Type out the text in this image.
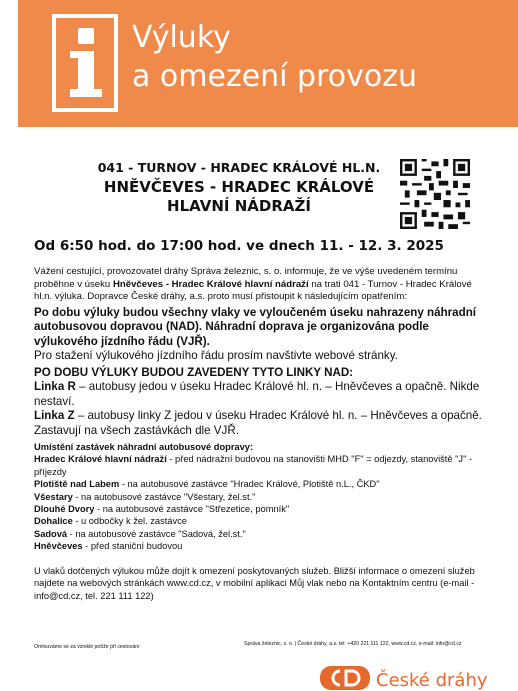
Výluky
a omezení provozu
041 - TURNOV - HRADEC KRÁLOVÉ HL.N.
HNĚVČEVES - HRADEC KRÁLOVÉ
HLAVNÍ NÁDRAŽÍ
Od 6:50 hod. do 17:00 hod. ve dnech 11. - 12. 3. 2025
Vážení cestující, provozovatel dráhy Správa železnic, s. o. informuje, že ve výše uvedeném termínu proběhne v úseku Hněvčeves - Hradec Králové hlavní nádraží na trati 041 - Turnov - Hradec Králové hl.n. výluka. Dopravce České dráhy, a.s. proto musí přistoupit k následujícím opatřením:
Po dobu výluky budou všechny vlaky ve vyloučeném úseku nahrazeny náhradní autobusovou dopravou (NAD). Náhradní doprava je organizována podle výlukového jízdního řádu (VJŘ).
Pro stažení výlukového jízdního řádu prosím navštivte webové stránky.
PO DOBU VÝLUKY BUDOU ZAVEDENY TYTO LINKY NAD:
Linka R – autobusy jedou v úseku Hradec Králové hl. n. – Hněvčeves a opačně. Nikde nestaví.
Linka Z – autobusy linky Z jedou v úseku Hradec Králové hl. n. – Hněvčeves a opačně. Zastavují na všech zastávkách dle VJŘ.
Umístění zastávek náhradní autobusové dopravy:
Hradec Králové hlavní nádraží - před nádražní budovou na stanovišti MHD "F" = odjezdy, stanoviště "J" - příjezdy
Plotiště nad Labem - na autobusové zastávce "Hradec Králové, Plotiště n.L., ČKD"
Všestary - na autobusové zastávce "Všestary, žel.st."
Dlouhé Dvory - na autobusové zastávce "Střezetice, pomník"
Dohalice - u odbočky k žel. zastávce
Sadová - na autobusové zastávce "Sadová, žel.st."
Hněvčeves - před staniční budovou
U vlaků dotčených výlukou může dojít k omezení poskytovaných služeb. Bližší informace o omezení služeb najdete na webových stránkách www.cd.cz, v mobilní aplikaci Můj vlak nebo na Kontaktním centru (e-mail - info@cd.cz, tel. 221 111 122)
Omlouváme se za vzniklé potíže při cestování	Správa železnic, s. o. | České dráhy, a.s. tel: +420 221 111 122, www.cd.cz, e-mail: info@cd.cz
České dráhy
